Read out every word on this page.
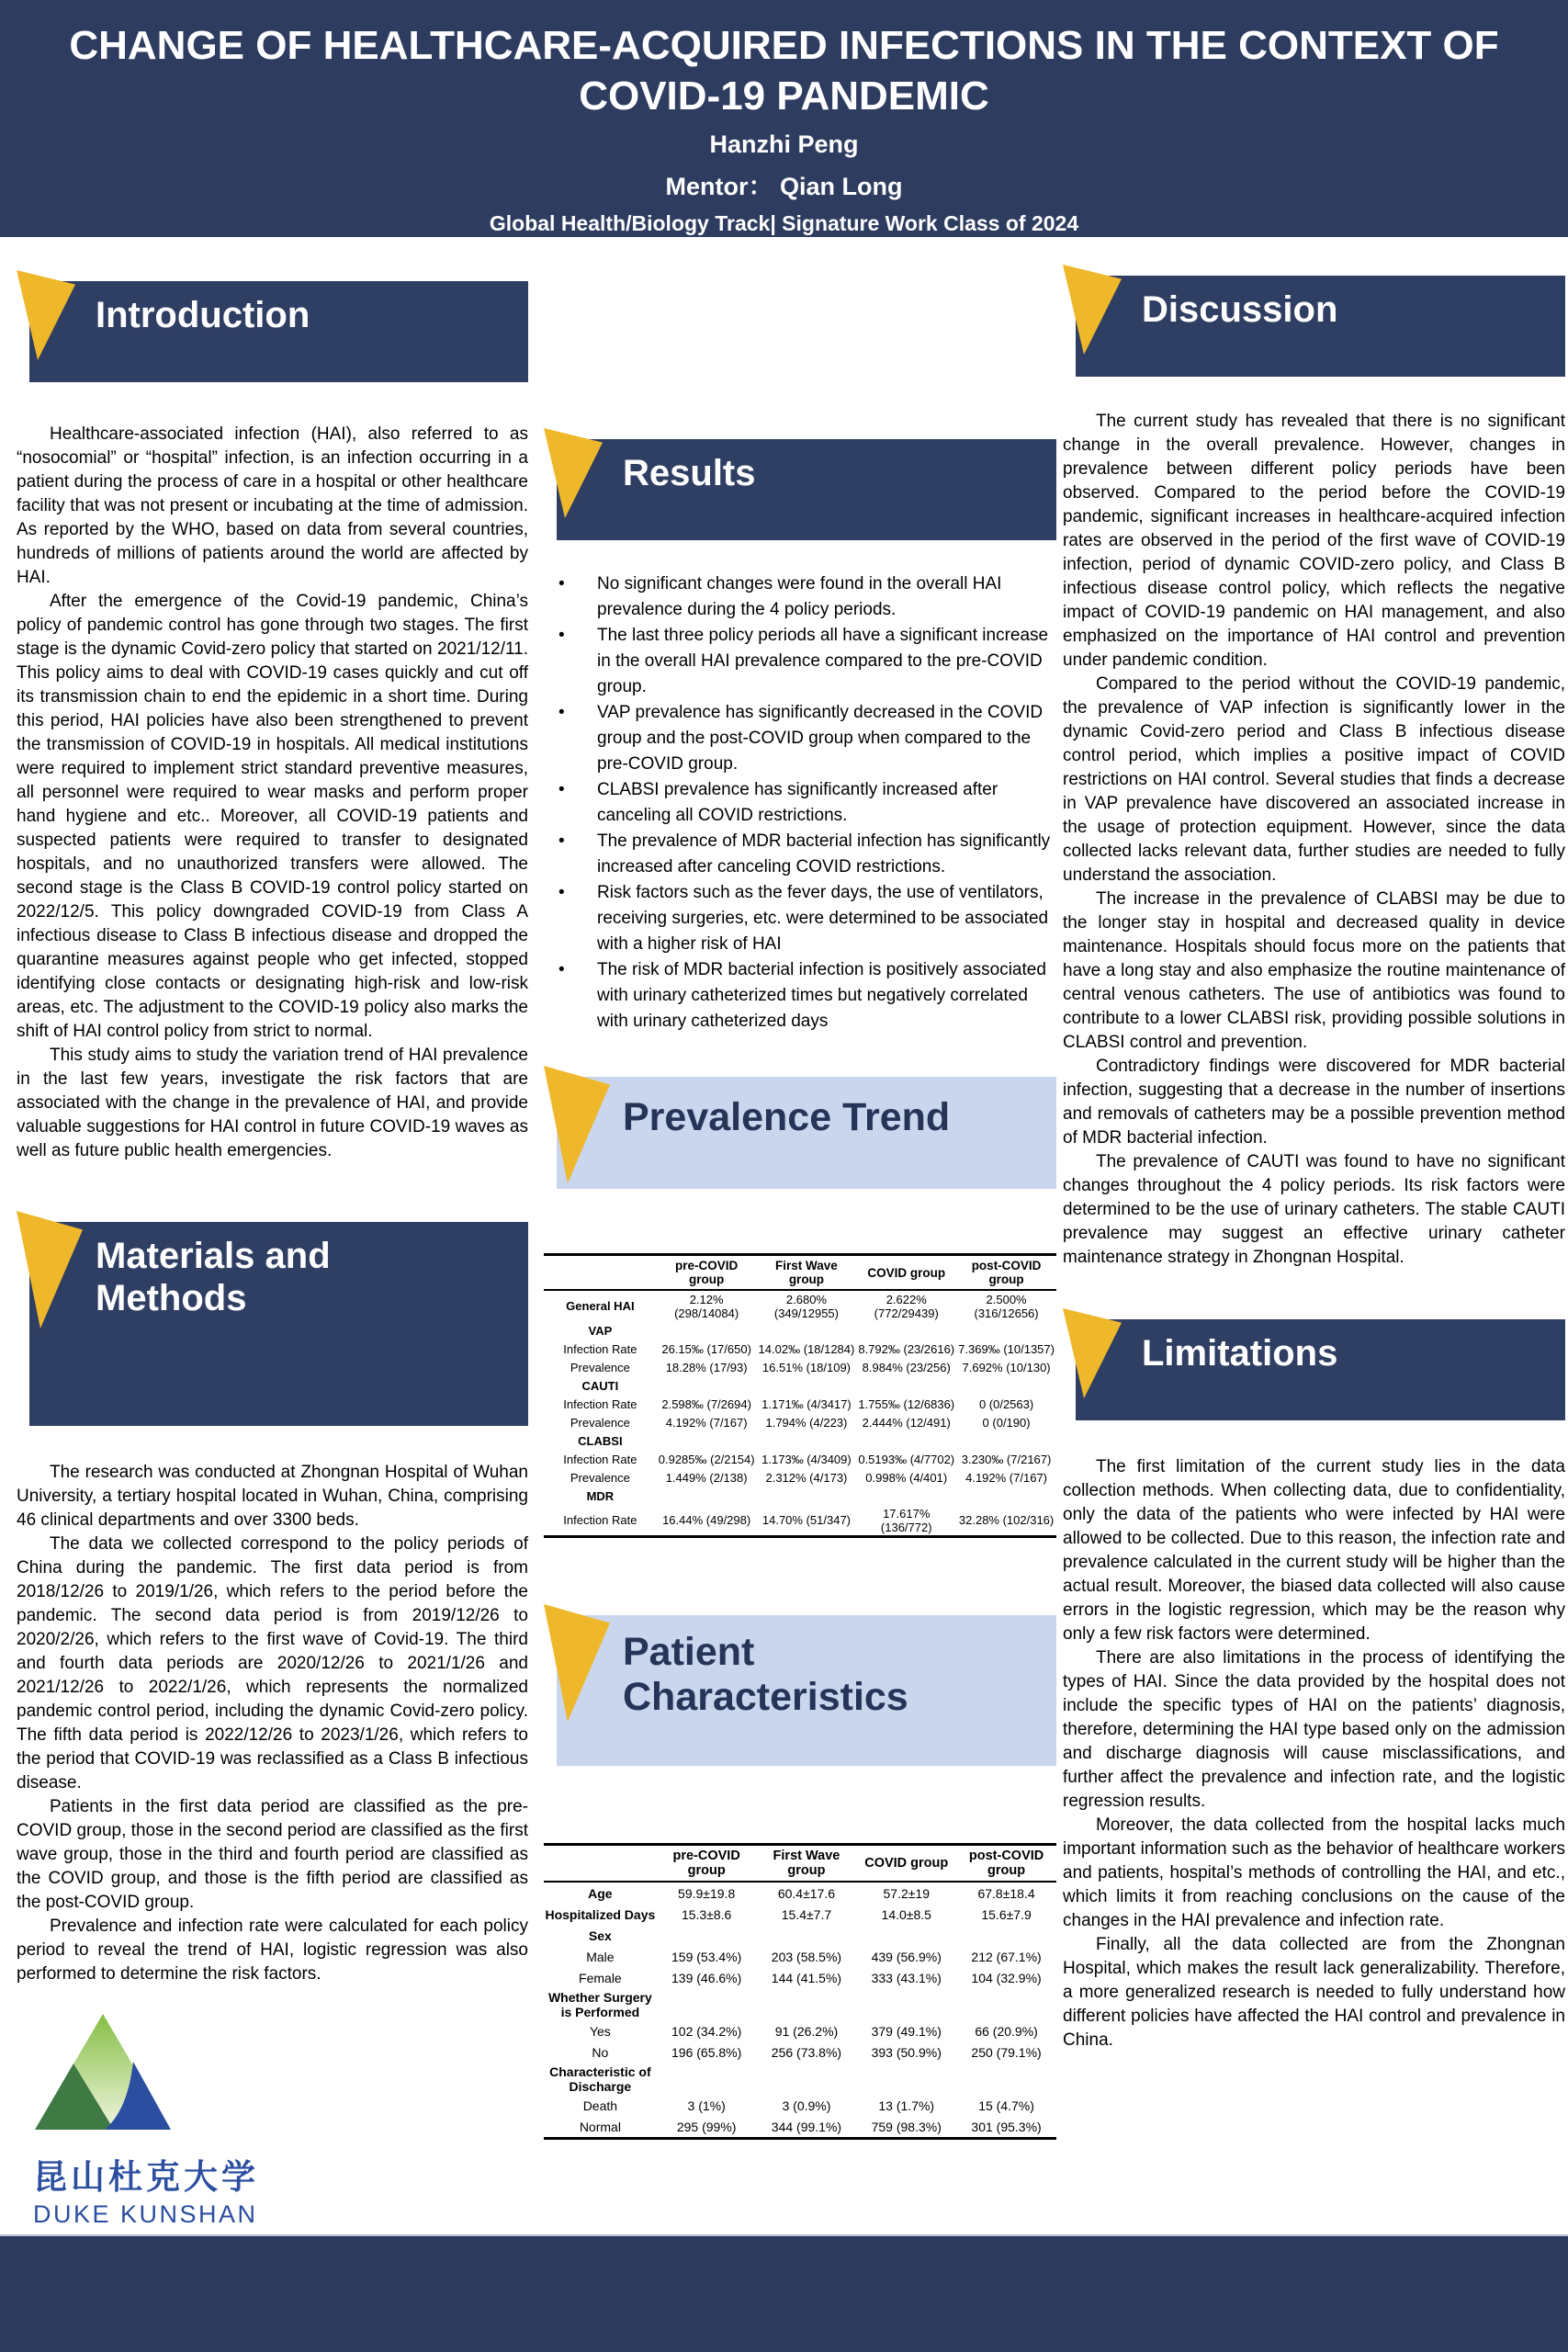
CHANGE OF HEALTHCARE-ACQUIRED INFECTIONS IN THE CONTEXT OF COVID-19 PANDEMIC
Hanzhi Peng
Mentor： Qian Long
Global Health/Biology Track| Signature Work Class of 2024
Introduction

Healthcare-associated infection (HAI), also referred to as “nosocomial” or “hospital” infection, is an infection occurring in a patient during the process of care in a hospital or other healthcare facility that was not present or incubating at the time of admission. As reported by the WHO, based on data from several countries, hundreds of millions of patients around the world are affected by HAI.

After the emergence of the Covid-19 pandemic, China’s policy of pandemic control has gone through two stages. The first stage is the dynamic Covid-zero policy that started on 2021/12/11. This policy aims to deal with COVID-19 cases quickly and cut off its transmission chain to end the epidemic in a short time. During this period, HAI policies have also been strengthened to prevent the transmission of COVID-19 in hospitals. All medical institutions were required to implement strict standard preventive measures, all personnel were required to wear masks and perform proper hand hygiene and etc.. Moreover, all COVID-19 patients and suspected patients were required to transfer to designated hospitals, and no unauthorized transfers were allowed. The second stage is the Class B COVID-19 control policy started on 2022/12/5. This policy downgraded COVID-19 from Class A infectious disease to Class B infectious disease and dropped the quarantine measures against people who get infected, stopped identifying close contacts or designating high-risk and low-risk areas, etc. The adjustment to the COVID-19 policy also marks the shift of HAI control policy from strict to normal.

This study aims to study the variation trend of HAI prevalence in the last few years, investigate the risk factors that are associated with the change in the prevalence of HAI, and provide valuable suggestions for HAI control in future COVID-19 waves as well as future public health emergencies.

Materials and Methods

The research was conducted at Zhongnan Hospital of Wuhan University, a tertiary hospital located in Wuhan, China, comprising 46 clinical departments and over 3300 beds.

The data we collected correspond to the policy periods of China during the pandemic. The first data period is from 2018/12/26 to 2019/1/26, which refers to the period before the pandemic. The second data period is from 2019/12/26 to 2020/2/26, which refers to the first wave of Covid-19. The third and fourth data periods are 2020/12/26 to 2021/1/26 and 2021/12/26 to 2022/1/26, which represents the normalized pandemic control period, including the dynamic Covid-zero policy. The fifth data period is 2022/12/26 to 2023/1/26, which refers to the period that COVID-19 was reclassified as a Class B infectious disease.

Patients in the first data period are classified as the pre-COVID group, those in the second period are classified as the first wave group, those in the third and fourth period are classified as the COVID group, and those is the fifth period are classified as the post-COVID group.

Prevalence and infection rate were calculated for each policy period to reveal the trend of HAI, logistic regression was also performed to determine the risk factors.

昆山杜克大学
DUKE KUNSHAN
Results
• No significant changes were found in the overall HAI prevalence during the 4 policy periods.
• The last three policy periods all have a significant increase in the overall HAI prevalence compared to the pre-COVID group.
• VAP prevalence has significantly decreased in the COVID group and the post-COVID group when compared to the pre-COVID group.
• CLABSI prevalence has significantly increased after canceling all COVID restrictions.
• The prevalence of MDR bacterial infection has significantly increased after canceling COVID restrictions.
• Risk factors such as the fever days, the use of ventilators, receiving surgeries, etc. were determined to be associated with a higher risk of HAI
• The risk of MDR bacterial infection is positively associated with urinary catheterized times but negatively correlated with urinary catheterized days
Prevalence Trend
	pre-COVID group	First Wave group	COVID group	post-COVID group
General HAI	2.12% (298/14084)	2.680% (349/12955)	2.622% (772/29439)	2.500% (316/12656)
VAP				
Infection Rate	26.15‰ (17/650)	14.02‰ (18/1284)	8.792‰ (23/2616)	7.369‰ (10/1357)
Prevalence	18.28% (17/93)	16.51% (18/109)	8.984% (23/256)	7.692% (10/130)
CAUTI				
Infection Rate	2.598‰ (7/2694)	1.171‰ (4/3417)	1.755‰ (12/6836)	0 (0/2563)
Prevalence	4.192% (7/167)	1.794% (4/223)	2.444% (12/491)	0 (0/190)
CLABSI				
Infection Rate	0.9285‰ (2/2154)	1.173‰ (4/3409)	0.5193‰ (4/7702)	3.230‰ (7/2167)
Prevalence	1.449% (2/138)	2.312% (4/173)	0.998% (4/401)	4.192% (7/167)
MDR				
Infection Rate	16.44% (49/298)	14.70% (51/347)	17.617% (136/772)	32.28% (102/316)
Patient Characteristics
	pre-COVID group	First Wave group	COVID group	post-COVID group
Age	59.9±19.8	60.4±17.6	57.2±19	67.8±18.4
Hospitalized Days	15.3±8.6	15.4±7.7	14.0±8.5	15.6±7.9
Sex				
Male	159 (53.4%)	203 (58.5%)	439 (56.9%)	212 (67.1%)
Female	139 (46.6%)	144 (41.5%)	333 (43.1%)	104 (32.9%)
Whether Surgery is Performed				
Yes	102 (34.2%)	91 (26.2%)	379 (49.1%)	66 (20.9%)
No	196 (65.8%)	256 (73.8%)	393 (50.9%)	250 (79.1%)
Characteristic of Discharge				
Death	3 (1%)	3 (0.9%)	13 (1.7%)	15 (4.7%)
Normal	295 (99%)	344 (99.1%)	759 (98.3%)	301 (95.3%)
Discussion

The current study has revealed that there is no significant change in the overall prevalence. However, changes in prevalence between different policy periods have been observed. Compared to the period before the COVID-19 pandemic, significant increases in healthcare-acquired infection rates are observed in the period of the first wave of COVID-19 infection, period of dynamic COVID-zero policy, and Class B infectious disease control policy, which reflects the negative impact of COVID-19 pandemic on HAI management, and also emphasized on the importance of HAI control and prevention under pandemic condition.

Compared to the period without the COVID-19 pandemic, the prevalence of VAP infection is significantly lower in the dynamic Covid-zero period and Class B infectious disease control period, which implies a positive impact of COVID restrictions on HAI control. Several studies that finds a decrease in VAP prevalence have discovered an associated increase in the usage of protection equipment. However, since the data collected lacks relevant data, further studies are needed to fully understand the association.

The increase in the prevalence of CLABSI may be due to the longer stay in hospital and decreased quality in device maintenance. Hospitals should focus more on the patients that have a long stay and also emphasize the routine maintenance of central venous catheters. The use of antibiotics was found to contribute to a lower CLABSI risk, providing possible solutions in CLABSI control and prevention.

Contradictory findings were discovered for MDR bacterial infection, suggesting that a decrease in the number of insertions and removals of catheters may be a possible prevention method of MDR bacterial infection.

The prevalence of CAUTI was found to have no significant changes throughout the 4 policy periods. Its risk factors were determined to be the use of urinary catheters. The stable CAUTI prevalence may suggest an effective urinary catheter maintenance strategy in Zhongnan Hospital.

Limitations

The first limitation of the current study lies in the data collection methods. When collecting data, due to confidentiality, only the data of the patients who were infected by HAI were allowed to be collected. Due to this reason, the infection rate and prevalence calculated in the current study will be higher than the actual result. Moreover, the biased data collected will also cause errors in the logistic regression, which may be the reason why only a few risk factors were determined.

There are also limitations in the process of identifying the types of HAI. Since the data provided by the hospital does not include the specific types of HAI on the patients’ diagnosis, therefore, determining the HAI type based only on the admission and discharge diagnosis will cause misclassifications, and further affect the prevalence and infection rate, and the logistic regression results.

Moreover, the data collected from the hospital lacks much important information such as the behavior of healthcare workers and patients, hospital’s methods of controlling the HAI, and etc., which limits it from reaching conclusions on the cause of the changes in the HAI prevalence and infection rate.

Finally, all the data collected are from the Zhongnan Hospital, which makes the result lack generalizability. Therefore, a more generalized research is needed to fully understand how different policies have affected the HAI control and prevalence in China.
